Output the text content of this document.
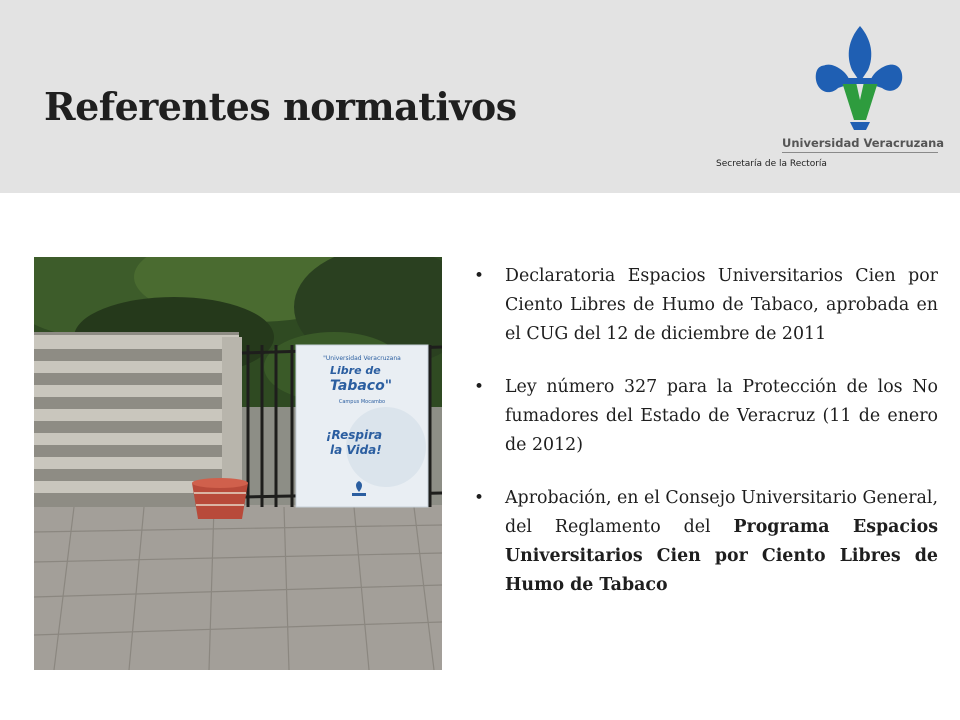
Referentes normativos
Universidad Veracruzana
Secretaría de la Rectoría
"Universidad Veracruzana
Libre de
Tabaco"
Campus Mocambo
¡Respira
la Vida!
• Declaratoria Espacios Universitarios Cien por Ciento Libres de Humo de Tabaco, aprobada en el CUG del 12 de diciembre de 2011
• Ley número 327 para la Protección de los No fumadores del Estado de Veracruz (11 de enero de 2012)
• Aprobación, en el Consejo Universitario General, del Reglamento del Programa Espacios Universitarios Cien por Ciento Libres de Humo de Tabaco
